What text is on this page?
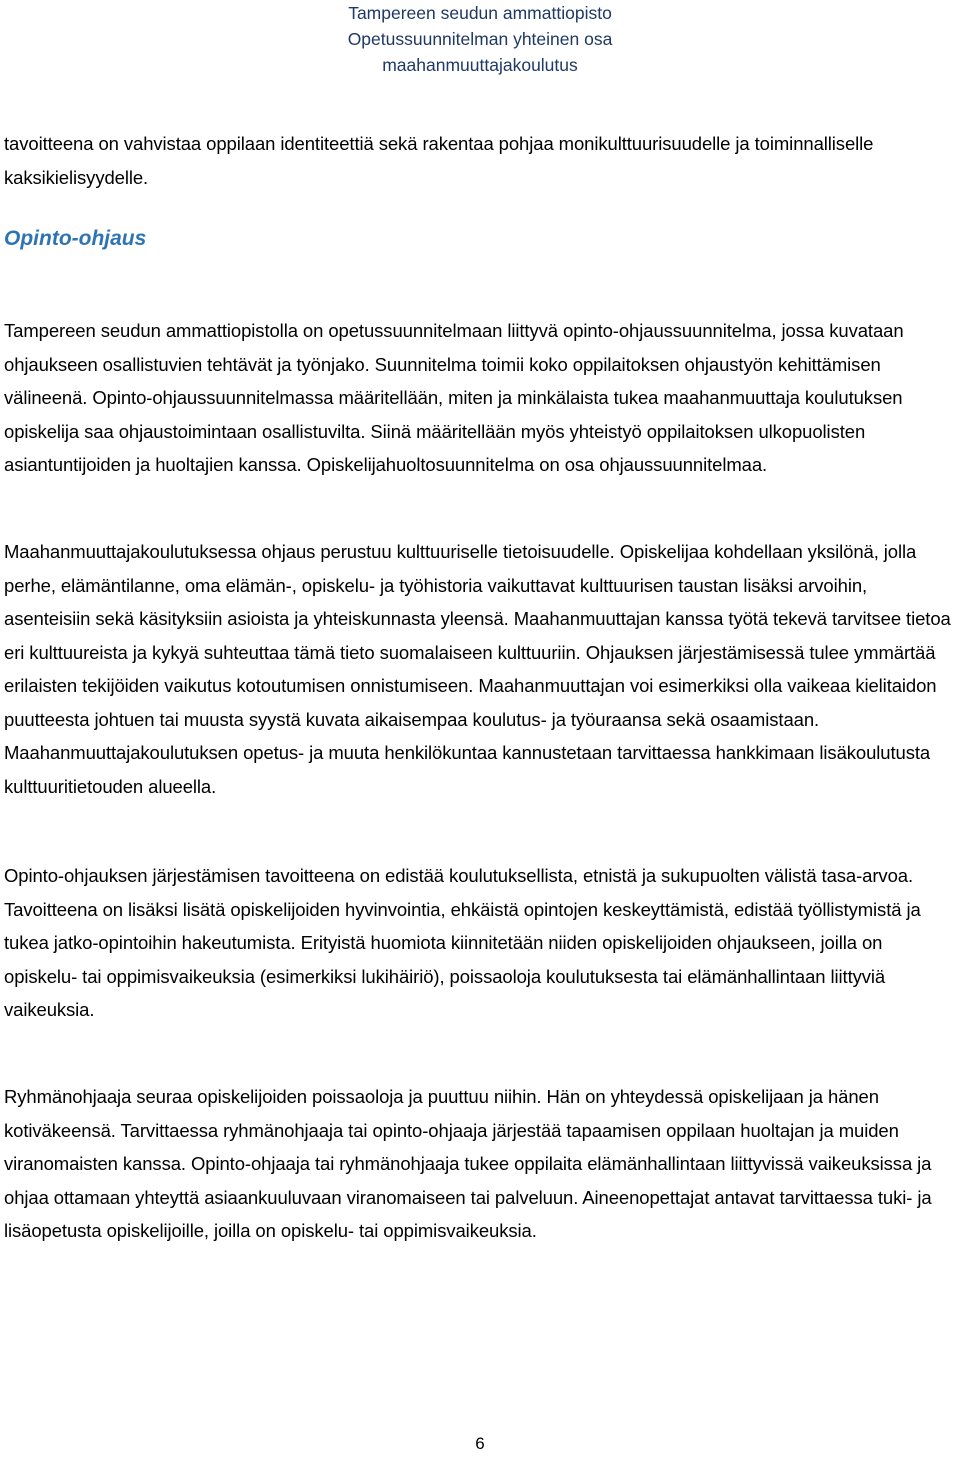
Tampereen seudun ammattiopisto
Opetussuunnitelman yhteinen osa
maahanmuuttajakoulutus

tavoitteena on vahvistaa oppilaan identiteettiä sekä rakentaa pohjaa monikulttuurisuudelle ja toiminnalliselle kaksikielisyydelle.

Opinto-ohjaus

Tampereen seudun ammattiopistolla on opetussuunnitelmaan liittyvä opinto-ohjaussuunnitelma, jossa kuvataan ohjaukseen osallistuvien tehtävät ja työnjako. Suunnitelma toimii koko oppilaitoksen ohjaustyön kehittämisen välineenä. Opinto-ohjaussuunnitelmassa määritellään, miten ja minkälaista tukea maahanmuuttaja koulutuksen opiskelija saa ohjaustoimintaan osallistuvilta. Siinä määritellään myös yhteistyö oppilaitoksen ulkopuolisten asiantuntijoiden ja huoltajien kanssa. Opiskelijahuoltosuunnitelma on osa ohjaussuunnitelmaa.

Maahanmuuttajakoulutuksessa ohjaus perustuu kulttuuriselle tietoisuudelle. Opiskelijaa kohdellaan yksilönä, jolla perhe, elämäntilanne, oma elämän-, opiskelu- ja työhistoria vaikuttavat kulttuurisen taustan lisäksi arvoihin, asenteisiin sekä käsityksiin asioista ja yhteiskunnasta yleensä. Maahanmuuttajan kanssa työtä tekevä tarvitsee tietoa eri kulttuureista ja kykyä suhteuttaa tämä tieto suomalaiseen kulttuuriin. Ohjauksen järjestämisessä tulee ymmärtää erilaisten tekijöiden vaikutus kotoutumisen onnistumiseen. Maahanmuuttajan voi esimerkiksi olla vaikeaa kielitaidon puutteesta johtuen tai muusta syystä kuvata aikaisempaa koulutus- ja työuraansa sekä osaamistaan. Maahanmuuttajakoulutuksen opetus- ja muuta henkilökuntaa kannustetaan tarvittaessa hankkimaan lisäkoulutusta kulttuuritietouden alueella.

Opinto-ohjauksen järjestämisen tavoitteena on edistää koulutuksellista, etnistä ja sukupuolten välistä tasa-arvoa. Tavoitteena on lisäksi lisätä opiskelijoiden hyvinvointia, ehkäistä opintojen keskeyttämistä, edistää työllistymistä ja tukea jatko-opintoihin hakeutumista. Erityistä huomiota kiinnitetään niiden opiskelijoiden ohjaukseen, joilla on opiskelu- tai oppimisvaikeuksia (esimerkiksi lukihäiriö), poissaoloja koulutuksesta tai elämänhallintaan liittyviä vaikeuksia.

Ryhmänohjaaja seuraa opiskelijoiden poissaoloja ja puuttuu niihin. Hän on yhteydessä opiskelijaan ja hänen kotiväkeensä. Tarvittaessa ryhmänohjaaja tai opinto-ohjaaja järjestää tapaamisen oppilaan huoltajan ja muiden viranomaisten kanssa. Opinto-ohjaaja tai ryhmänohjaaja tukee oppilaita elämänhallintaan liittyvissä vaikeuksissa ja ohjaa ottamaan yhteyttä asiaankuuluvaan viranomaiseen tai palveluun. Aineenopettajat antavat tarvittaessa tuki- ja lisäopetusta opiskelijoille, joilla on opiskelu- tai oppimisvaikeuksia.

6
